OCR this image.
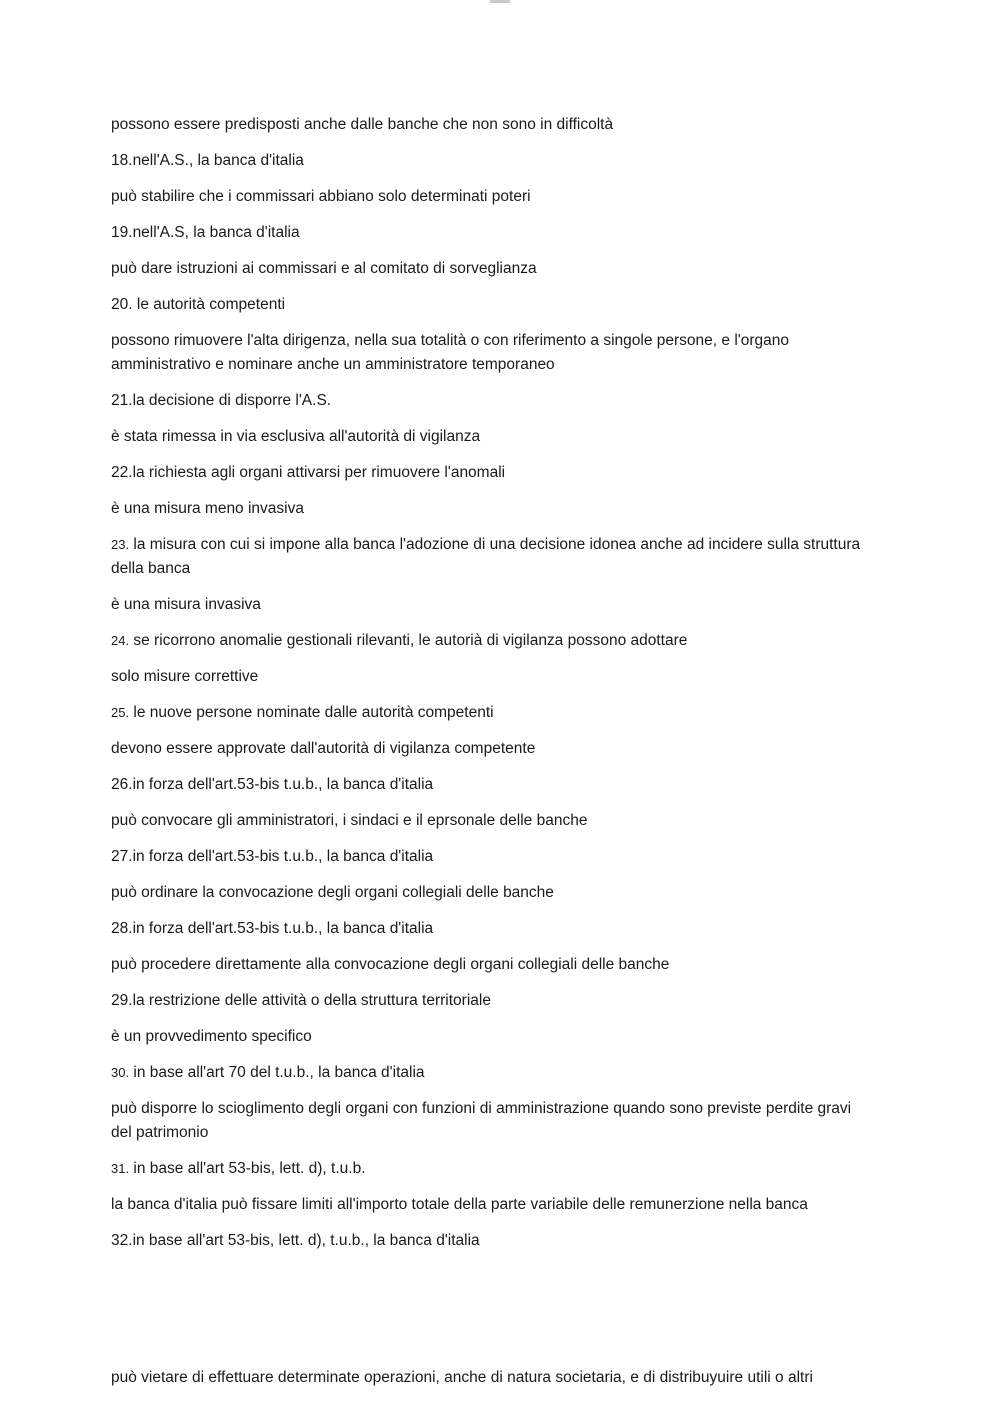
possono essere predisposti anche dalle banche che non sono in difficoltà

18.nell'A.S., la banca d'italia

può stabilire che i commissari abbiano solo determinati poteri

19.nell'A.S, la banca d'italia

può dare istruzioni ai commissari e al comitato di sorveglianza

20. le autorità competenti

possono rimuovere l'alta dirigenza, nella sua totalità o con riferimento a singole persone, e l'organo amministrativo e nominare anche un amministratore temporaneo

21.la decisione di disporre l'A.S.

è stata rimessa in via esclusiva all'autorità di vigilanza

22.la richiesta agli organi attivarsi per rimuovere l'anomali

è una misura meno invasiva

23. la misura con cui si impone alla banca l'adozione di una decisione idonea anche ad incidere sulla struttura della banca

è una misura invasiva

24. se ricorrono anomalie gestionali rilevanti, le autorià di vigilanza possono adottare

solo misure correttive

25. le nuove persone nominate dalle autorità competenti

devono essere approvate dall'autorità di vigilanza competente

26.in forza dell'art.53-bis t.u.b., la banca d'italia

può convocare gli amministratori, i sindaci e il eprsonale delle banche

27.in forza dell'art.53-bis t.u.b., la banca d'italia

può ordinare la convocazione degli organi collegiali delle banche

28.in forza dell'art.53-bis t.u.b., la banca d'italia

può procedere direttamente alla convocazione degli organi collegiali delle banche

29.la restrizione delle attività o della struttura territoriale

è un provvedimento specifico

30. in base all'art 70 del t.u.b., la banca d'italia

può disporre lo scioglimento degli organi con funzioni di amministrazione quando sono previste perdite gravi del patrimonio

31. in base all'art 53-bis, lett. d), t.u.b.

la banca d'italia può fissare limiti all'importo totale della parte variabile delle remunerzione nella banca

32.in base all'art 53-bis, lett. d), t.u.b., la banca d'italia

può vietare di effettuare determinate operazioni, anche di natura societaria, e di distribuyuire utili o altri
